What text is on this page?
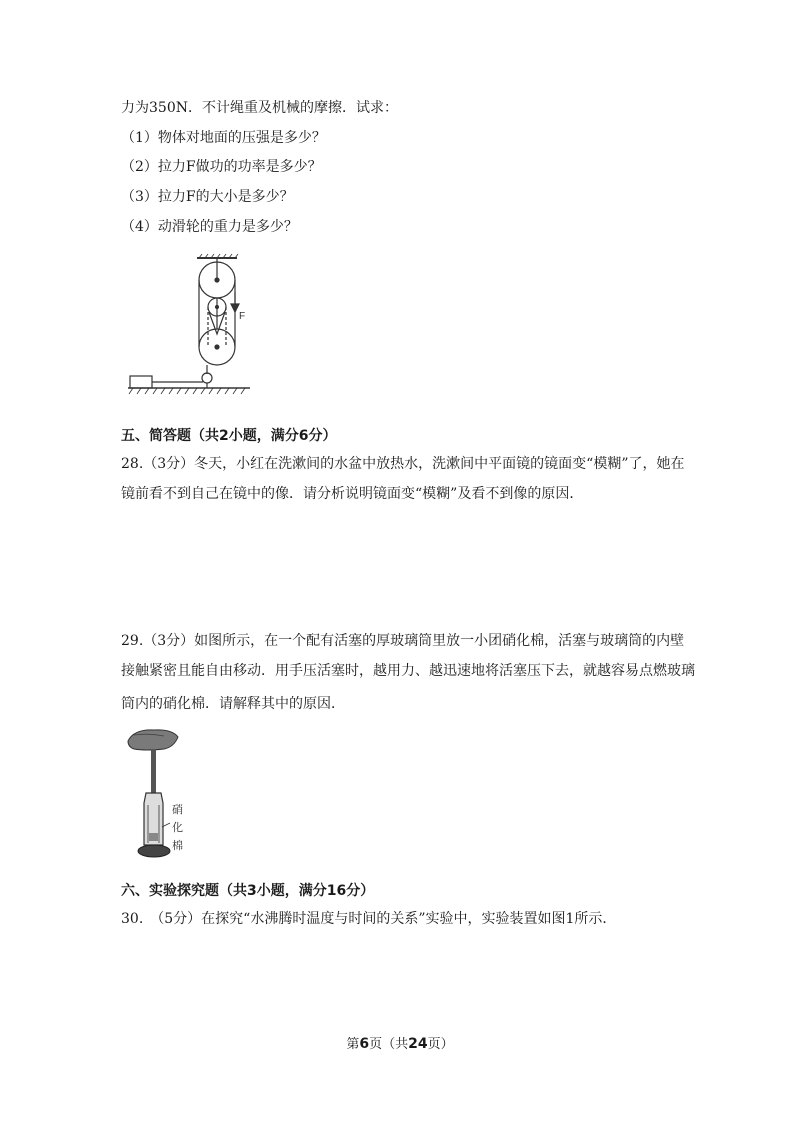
力为350N．不计绳重及机械的摩擦．试求：
（1）物体对地面的压强是多少？
（2）拉力F做功的功率是多少？
（3）拉力F的大小是多少？
（4）动滑轮的重力是多少？
F
五、简答题（共2小题，满分6分）
28.（3分）冬天，小红在洗漱间的水盆中放热水，洗漱间中平面镜的镜面变“模糊”了，她在
镜前看不到自己在镜中的像．请分析说明镜面变“模糊”及看不到像的原因．
29.（3分）如图所示，在一个配有活塞的厚玻璃筒里放一小团硝化棉，活塞与玻璃筒的内壁
接触紧密且能自由移动．用手压活塞时，越用力、越迅速地将活塞压下去，就越容易点燃玻璃
筒内的硝化棉．请解释其中的原因．
硝
化
棉
六、实验探究题（共3小题，满分16分）
30.　（5分）在探究“水沸腾时温度与时间的关系”实验中，实验装置如图1所示．
第6页（共24页）
